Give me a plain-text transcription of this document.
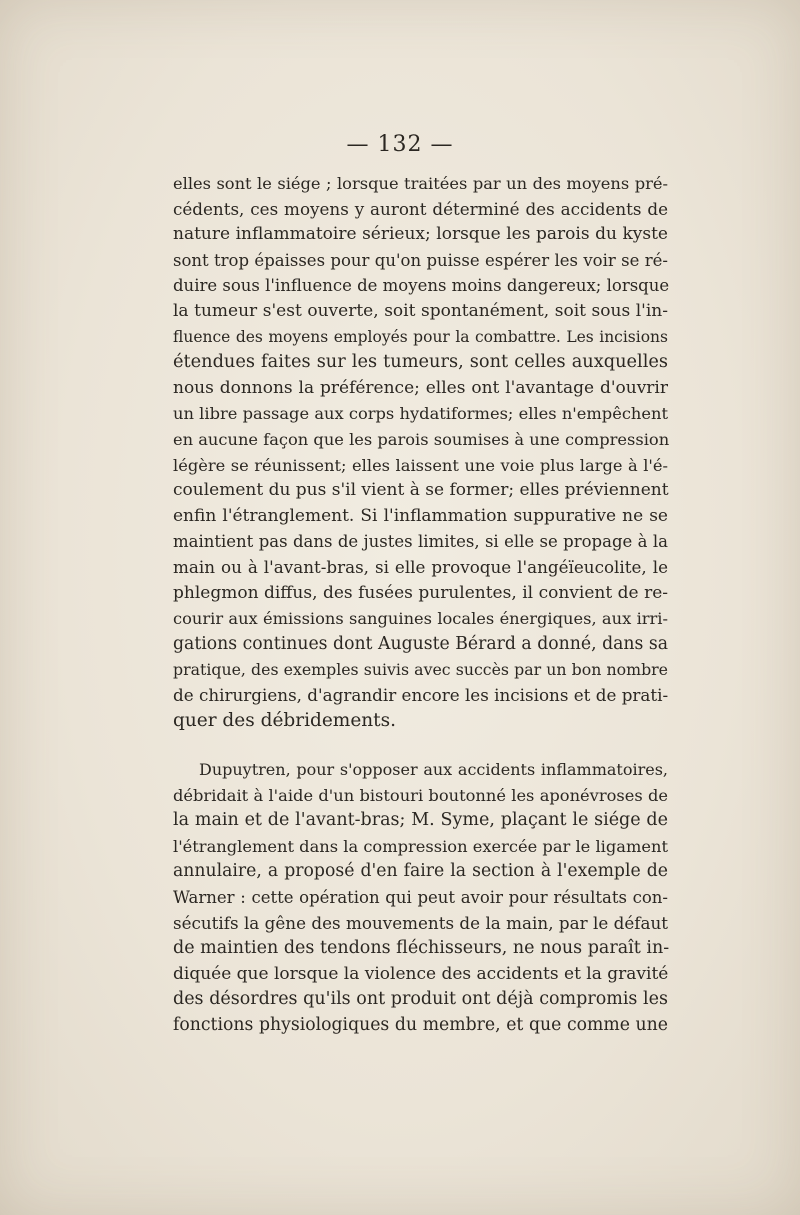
— 132 —
elles sont le siége ; lorsque traitées par un des moyens pré-
cédents, ces moyens y auront déterminé des accidents de
nature inflammatoire sérieux; lorsque les parois du kyste
sont trop épaisses pour qu'on puisse espérer les voir se ré-
duire sous l'influence de moyens moins dangereux; lorsque
la tumeur s'est ouverte, soit spontanément, soit sous l'in-
fluence des moyens employés pour la combattre. Les incisions
étendues faites sur les tumeurs, sont celles auxquelles
nous donnons la préférence; elles ont l'avantage d'ouvrir
un libre passage aux corps hydatiformes; elles n'empêchent
en aucune façon que les parois soumises à une compression
légère se réunissent; elles laissent une voie plus large à l'é-
coulement du pus s'il vient à se former; elles préviennent
enfin l'étranglement. Si l'inflammation suppurative ne se
maintient pas dans de justes limites, si elle se propage à la
main ou à l'avant-bras, si elle provoque l'angéïeucolite, le
phlegmon diffus, des fusées purulentes, il convient de re-
courir aux émissions sanguines locales énergiques, aux irri-
gations continues dont Auguste Bérard a donné, dans sa
pratique, des exemples suivis avec succès par un bon nombre
de chirurgiens, d'agrandir encore les incisions et de prati-
quer des débridements.
Dupuytren, pour s'opposer aux accidents inflammatoires,
débridait à l'aide d'un bistouri boutonné les aponévroses de
la main et de l'avant-bras; M. Syme, plaçant le siége de
l'étranglement dans la compression exercée par le ligament
annulaire, a proposé d'en faire la section à l'exemple de
Warner : cette opération qui peut avoir pour résultats con-
sécutifs la gêne des mouvements de la main, par le défaut
de maintien des tendons fléchisseurs, ne nous paraît in-
diquée que lorsque la violence des accidents et la gravité
des désordres qu'ils ont produit ont déjà compromis les
fonctions physiologiques du membre, et que comme une
